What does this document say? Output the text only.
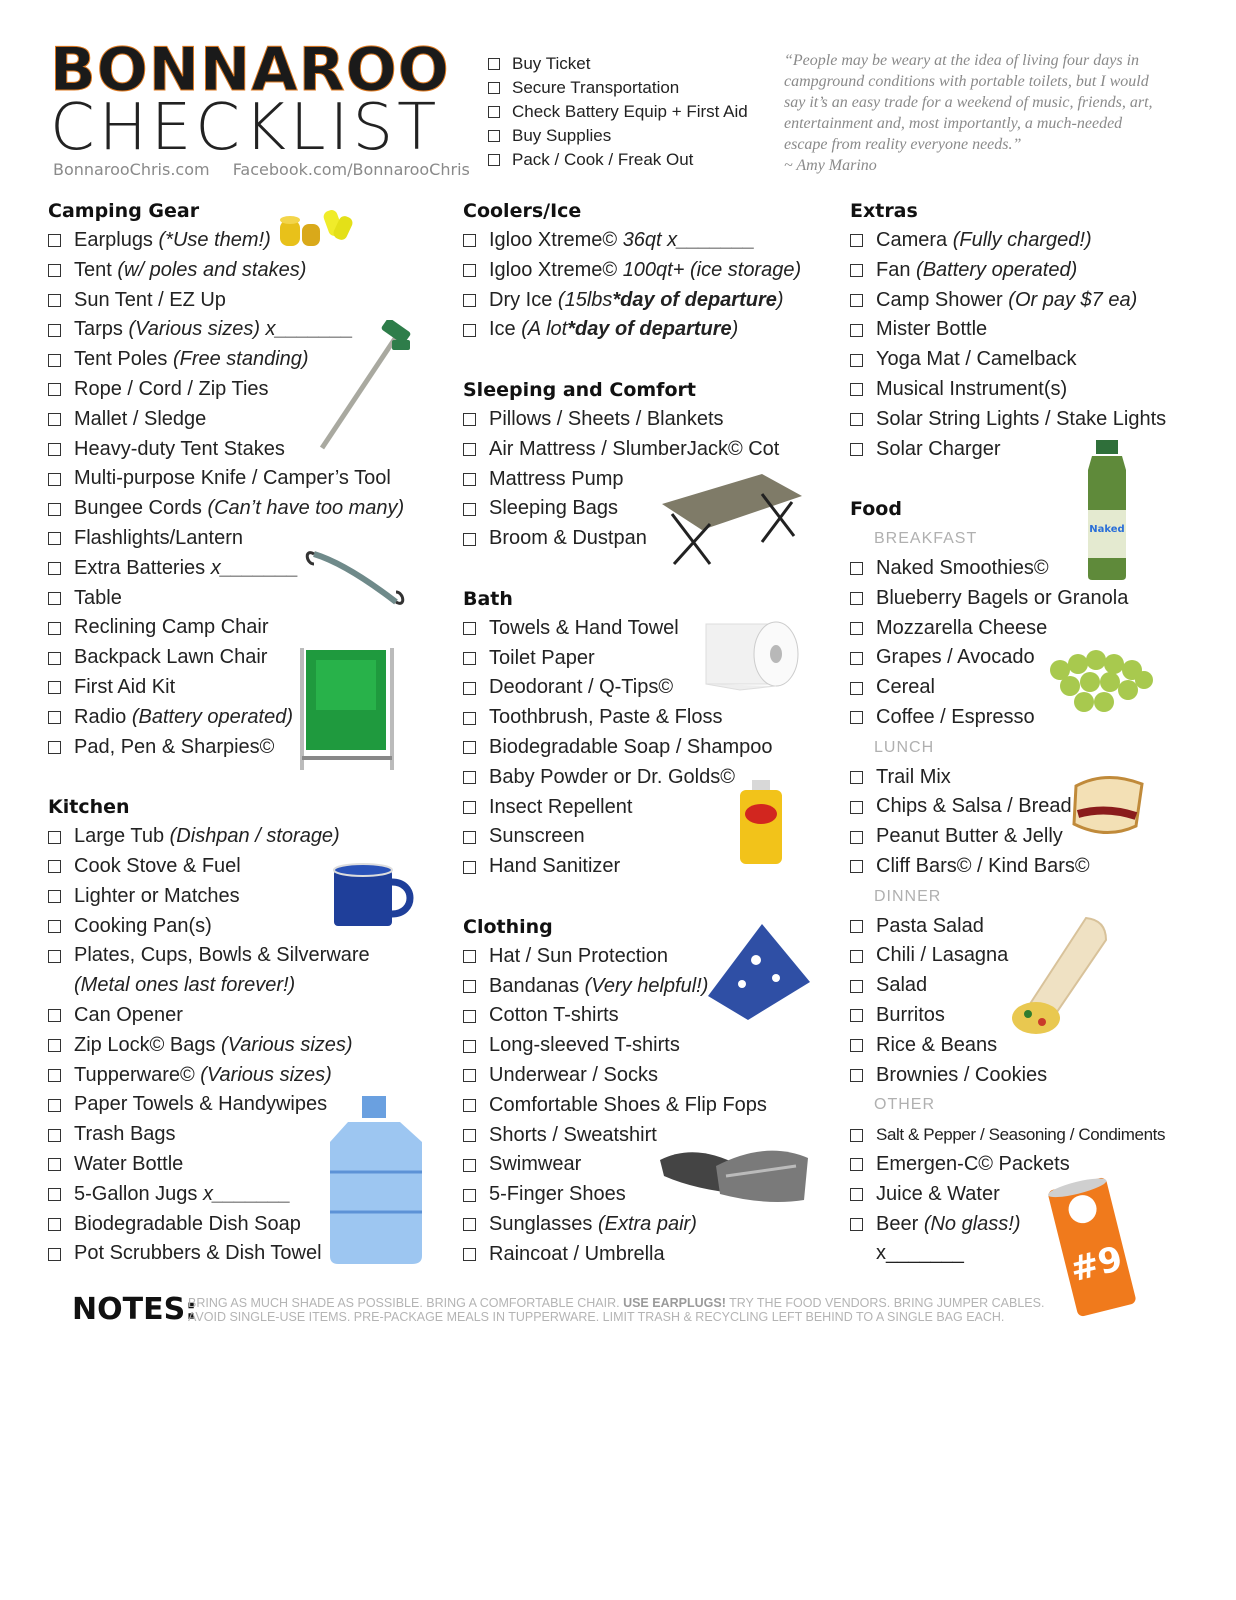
BONNAROO
CHECKLIST
BonnarooChris.com Facebook.com/BonnarooChris
Buy Ticket
Secure Transportation
Check Battery Equip + First Aid
Buy Supplies
Pack / Cook / Freak Out
“People may be weary at the idea of living four days in campground conditions with portable toilets, but I would say it’s an easy trade for a weekend of music, friends, art, entertainment and, most importantly, a much-needed escape from reality everyone needs.”
~ Amy Marino
Camping Gear
Earplugs
(*Use them!)
Tent
(w/ poles and stakes)
Sun Tent / EZ Up
Tarps
(Various sizes) x_______
Tent Poles
(Free standing)
Rope / Cord / Zip Ties
Mallet / Sledge
Heavy-duty Tent Stakes
Multi-purpose Knife / Camper’s Tool
Bungee Cords
(Can’t have too many)
Flashlights/Lantern
Extra Batteries
x_______
Table
Reclining Camp Chair
Backpack Lawn Chair
First Aid Kit
Radio
(Battery operated)
Pad, Pen & Sharpies©
Kitchen
Large Tub
(Dishpan / storage)
Cook Stove & Fuel
Lighter or Matches
Cooking Pan(s)
Plates, Cups, Bowls & Silverware
(Metal ones last forever!)
Can Opener
Zip Lock© Bags
(Various sizes)
Tupperware©
(Various sizes)
Paper Towels & Handywipes
Trash Bags
Water Bottle
5-Gallon Jugs
x_______
Biodegradable Dish Soap
Pot Scrubbers & Dish Towel
Coolers/Ice
Igloo Xtreme©
36qt x_______
Igloo Xtreme©
100qt+ (ice storage)
Dry Ice
(15lbs *day of departure )
Ice
(A lot *day of departure )
Sleeping and Comfort
Pillows / Sheets / Blankets
Air Mattress / SlumberJack© Cot
Mattress Pump
Sleeping Bags
Broom & Dustpan
Bath
Towels & Hand Towel
Toilet Paper
Deodorant / Q-Tips©
Toothbrush, Paste & Floss
Biodegradable Soap / Shampoo
Baby Powder or Dr. Golds©
Insect Repellent
Sunscreen
Hand Sanitizer
Clothing
Hat / Sun Protection
Bandanas
(Very helpful!)
Cotton T-shirts
Long-sleeved T-shirts
Underwear / Socks
Comfortable Shoes & Flip Fops
Shorts / Sweatshirt
Swimwear
5-Finger Shoes
Sunglasses
(Extra pair)
Raincoat / Umbrella
Extras
Camera
(Fully charged!)
Fan
(Battery operated)
Camp Shower
(Or pay $7 ea)
Mister Bottle
Yoga Mat / Camelback
Musical Instrument(s)
Solar String Lights / Stake Lights
Solar Charger
Food
BREAKFAST
Naked Smoothies©
Blueberry Bagels or Granola
Mozzarella Cheese
Grapes / Avocado
Cereal
Coffee / Espresso
LUNCH
Trail Mix
Chips & Salsa / Bread
Peanut Butter & Jelly
Cliff Bars© / Kind Bars©
DINNER
Pasta Salad
Chili / Lasagna
Salad
Burritos
Rice & Beans
Brownies / Cookies
OTHER
Salt & Pepper / Seasoning / Condiments
Emergen-C© Packets
Juice & Water
Beer
(No glass!)
x_______
NOTES:
BRING AS MUCH SHADE AS POSSIBLE. BRING A COMFORTABLE CHAIR. USE EARPLUGS! TRY THE FOOD VENDORS. BRING JUMPER CABLES.
AVOID SINGLE-USE ITEMS. PRE-PACKAGE MEALS IN TUPPERWARE. LIMIT TRASH & RECYCLING LEFT BEHIND TO A SINGLE BAG EACH.
Naked
#9
